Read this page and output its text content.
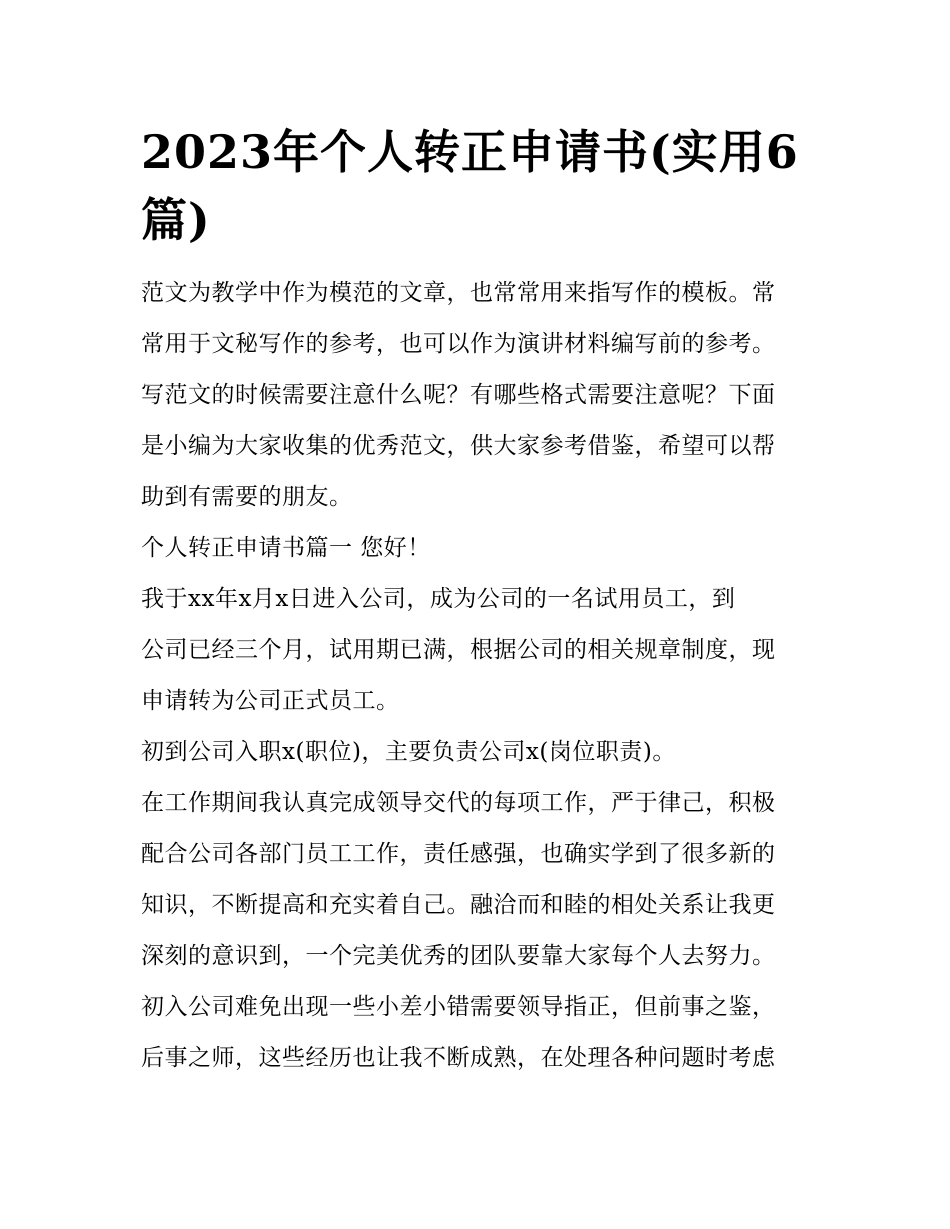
2023年个人转正申请书(实用6篇)
范文为教学中作为模范的文章，也常常用来指写作的模板。常
常用于文秘写作的参考，也可以作为演讲材料编写前的参考。
写范文的时候需要注意什么呢？有哪些格式需要注意呢？下面
是小编为大家收集的优秀范文，供大家参考借鉴，希望可以帮
助到有需要的朋友。
个人转正申请书篇一 您好！
我于xx年x月x日进入公司，成为公司的一名试用员工，到
公司已经三个月，试用期已满，根据公司的相关规章制度，现
申请转为公司正式员工。
初到公司入职x(职位)，主要负责公司x(岗位职责)。
在工作期间我认真完成领导交代的每项工作，严于律己，积极
配合公司各部门员工工作，责任感强，也确实学到了很多新的
知识，不断提高和充实着自己。融洽而和睦的相处关系让我更
深刻的意识到，一个完美优秀的团队要靠大家每个人去努力。
初入公司难免出现一些小差小错需要领导指正，但前事之鉴，
后事之师，这些经历也让我不断成熟，在处理各种问题时考虑
